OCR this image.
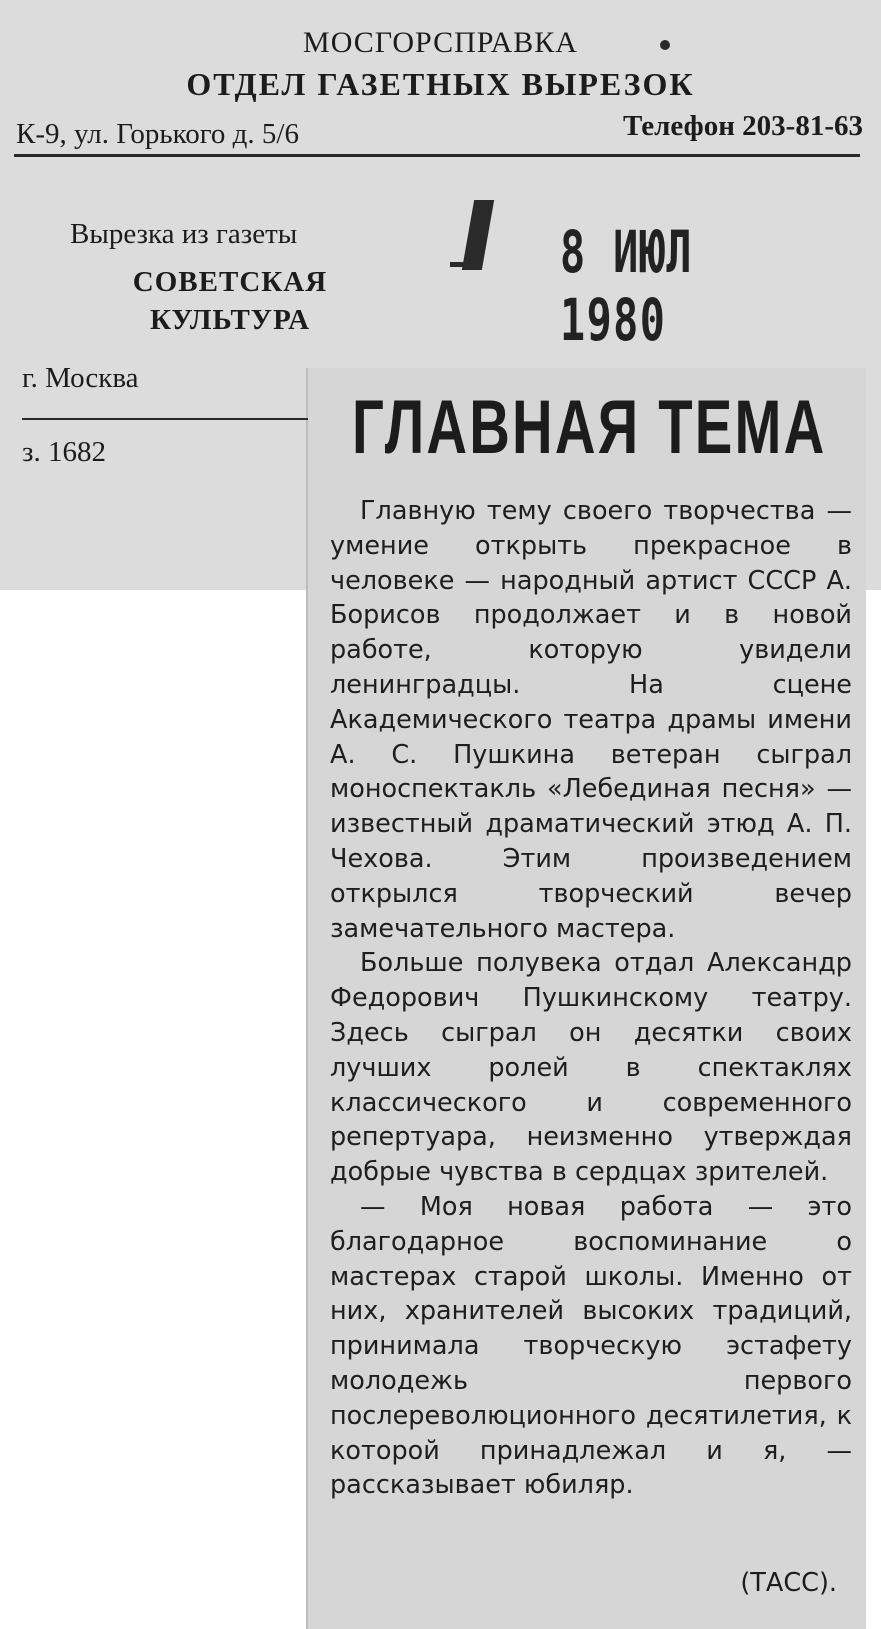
МОСГОРСПРАВКА
ОТДЕЛ ГАЗЕТНЫХ ВЫРЕЗОК
К-9, ул. Горького д. 5/6	Телефон 203-81-63
Вырезка из газеты
СОВЕТСКАЯ
КУЛЬТУРА
8 ИЮЛ 1980
г. Москва
з. 1682	ГЛАВНАЯ ТЕМА

Главную тему своего творчества — умение открыть прекрасное в человеке — народный артист СССР А. Борисов продолжает и в новой работе, которую увидели ленинградцы. На сцене Академического театра драмы имени А. С. Пушкина ветеран сыграл моноспектакль «Лебединая песня» — известный драматический этюд А. П. Чехова. Этим произведением открылся творческий вечер замечательного мастера.

Больше полувека отдал Александр Федорович Пушкинскому театру. Здесь сыграл он десятки своих лучших ролей в спектаклях классического и современного репертуара, неизменно утверждая добрые чувства в сердцах зрителей.

— Моя новая работа — это благодарное воспоминание о мастерах старой школы. Именно от них, хранителей высоких традиций, принимала творческую эстафету молодежь первого послереволюционного десятилетия, к которой принадлежал и я, — рассказывает юбиляр.

(ТАСС).
